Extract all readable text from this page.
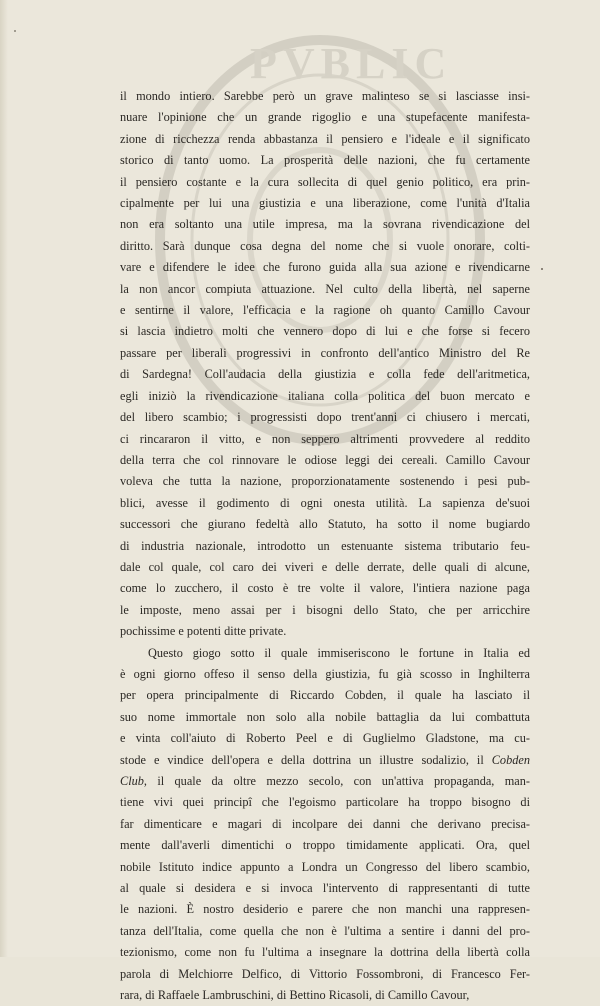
PVBLIC

il mondo intiero. Sarebbe però un grave malinteso se si lasciasse insi-
nuare l'opinione che un grande rigoglio e una stupefacente manifesta-
zione di ricchezza renda abbastanza il pensiero e l'ideale e il significato
storico di tanto uomo. La prosperità delle nazioni, che fu certamente
il pensiero costante e la cura sollecita di quel genio politico, era prin-
cipalmente per lui una giustizia e una liberazione, come l'unità d'Italia
non era soltanto una utile impresa, ma la sovrana rivendicazione del
diritto. Sarà dunque cosa degna del nome che si vuole onorare, colti-
vare e difendere le idee che furono guida alla sua azione e rivendicarne
la non ancor compiuta attuazione. Nel culto della libertà, nel saperne
e sentirne il valore, l'efficacia e la ragione oh quanto Camillo Cavour
si lascia indietro molti che vennero dopo di lui e che forse si fecero
passare per liberali progressivi in confronto dell'antico Ministro del Re
di Sardegna! Coll'audacia della giustizia e colla fede dell'aritmetica,
egli iniziò la rivendicazione italiana colla politica del buon mercato e
del libero scambio; i progressisti dopo trent'anni ci chiusero i mercati,
ci rincararon il vitto, e non seppero altrimenti provvedere al reddito
della terra che col rinnovare le odiose leggi dei cereali. Camillo Cavour
voleva che tutta la nazione, proporzionatamente sostenendo i pesi pub-
blici, avesse il godimento di ogni onesta utilità. La sapienza de'suoi
successori che giurano fedeltà allo Statuto, ha sotto il nome bugiardo
di industria nazionale, introdotto un estenuante sistema tributario feu-
dale col quale, col caro dei viveri e delle derrate, delle quali di alcune,
come lo zucchero, il costo è tre volte il valore, l'intiera nazione paga
le imposte, meno assai per i bisogni dello Stato, che per arricchire
pochissime e potenti ditte private.

Questo giogo sotto il quale immiseriscono le fortune in Italia ed
è ogni giorno offeso il senso della giustizia, fu già scosso in Inghilterra
per opera principalmente di Riccardo Cobden, il quale ha lasciato il
suo nome immortale non solo alla nobile battaglia da lui combattuta
e vinta coll'aiuto di Roberto Peel e di Guglielmo Gladstone, ma cu-
stode e vindice dell'opera e della dottrina un illustre sodalizio, il Cobden
Club, il quale da oltre mezzo secolo, con un'attiva propaganda, man-
tiene vivi quei principî che l'egoismo particolare ha troppo bisogno di
far dimenticare e magari di incolpare dei danni che derivano precisa-
mente dall'averli dimentichi o troppo timidamente applicati. Ora, quel
nobile Istituto indice appunto a Londra un Congresso del libero scambio,
al quale si desidera e si invoca l'intervento di rappresentanti di tutte
le nazioni. È nostro desiderio e parere che non manchi una rappresen-
tanza dell'Italia, come quella che non è l'ultima a sentire i danni del pro-
tezionismo, come non fu l'ultima a insegnare la dottrina della libertà colla
parola di Melchiorre Delfico, di Vittorio Fossombroni, di Francesco Fer-
rara, di Raffaele Lambruschini, di Bettino Ricasoli, di Camillo Cavour,
